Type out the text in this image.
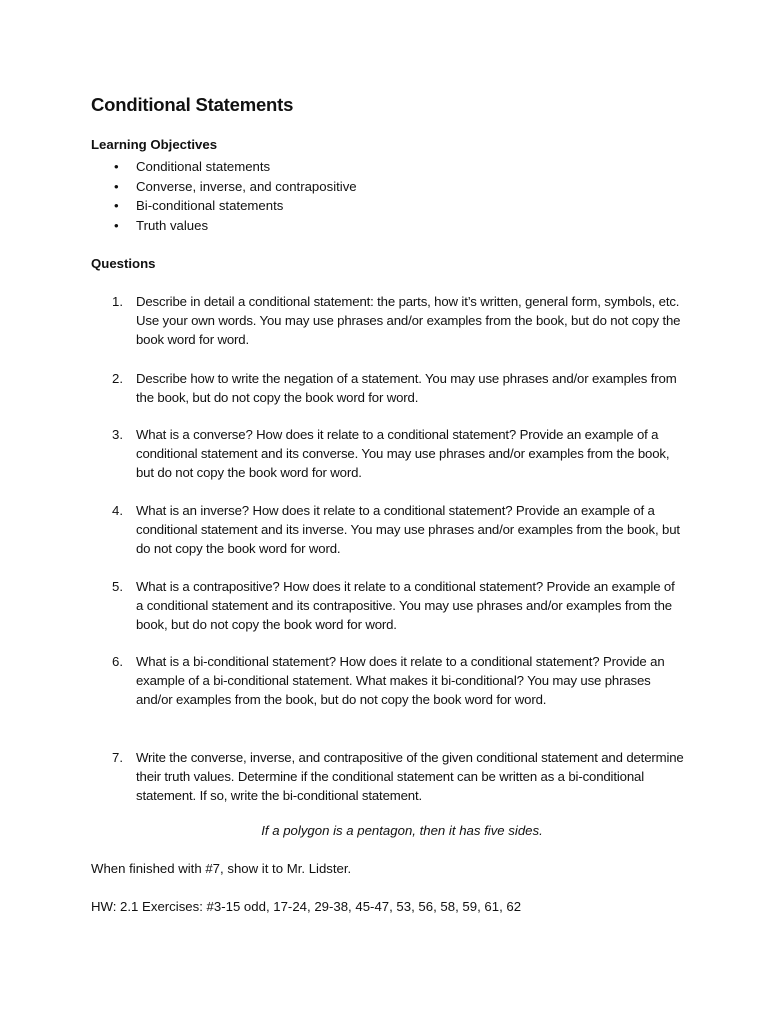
Conditional Statements
Learning Objectives
• Conditional statements
• Converse, inverse, and contrapositive
• Bi-conditional statements
• Truth values
Questions
1. Describe in detail a conditional statement: the parts, how it’s written, general form, symbols, etc. Use your own words. You may use phrases and/or examples from the book, but do not copy the book word for word.
2. Describe how to write the negation of a statement. You may use phrases and/or examples from the book, but do not copy the book word for word.
3. What is a converse? How does it relate to a conditional statement? Provide an example of a conditional statement and its converse. You may use phrases and/or examples from the book, but do not copy the book word for word.
4. What is an inverse? How does it relate to a conditional statement? Provide an example of a conditional statement and its inverse. You may use phrases and/or examples from the book, but do not copy the book word for word.
5. What is a contrapositive? How does it relate to a conditional statement? Provide an example of a conditional statement and its contrapositive. You may use phrases and/or examples from the book, but do not copy the book word for word.
6. What is a bi-conditional statement? How does it relate to a conditional statement? Provide an example of a bi-conditional statement. What makes it bi-conditional? You may use phrases and/or examples from the book, but do not copy the book word for word.
7. Write the converse, inverse, and contrapositive of the given conditional statement and determine their truth values. Determine if the conditional statement can be written as a bi-conditional statement. If so, write the bi-conditional statement.
If a polygon is a pentagon, then it has five sides.
When finished with #7, show it to Mr. Lidster.
HW: 2.1 Exercises: #3-15 odd, 17-24, 29-38, 45-47, 53, 56, 58, 59, 61, 62
